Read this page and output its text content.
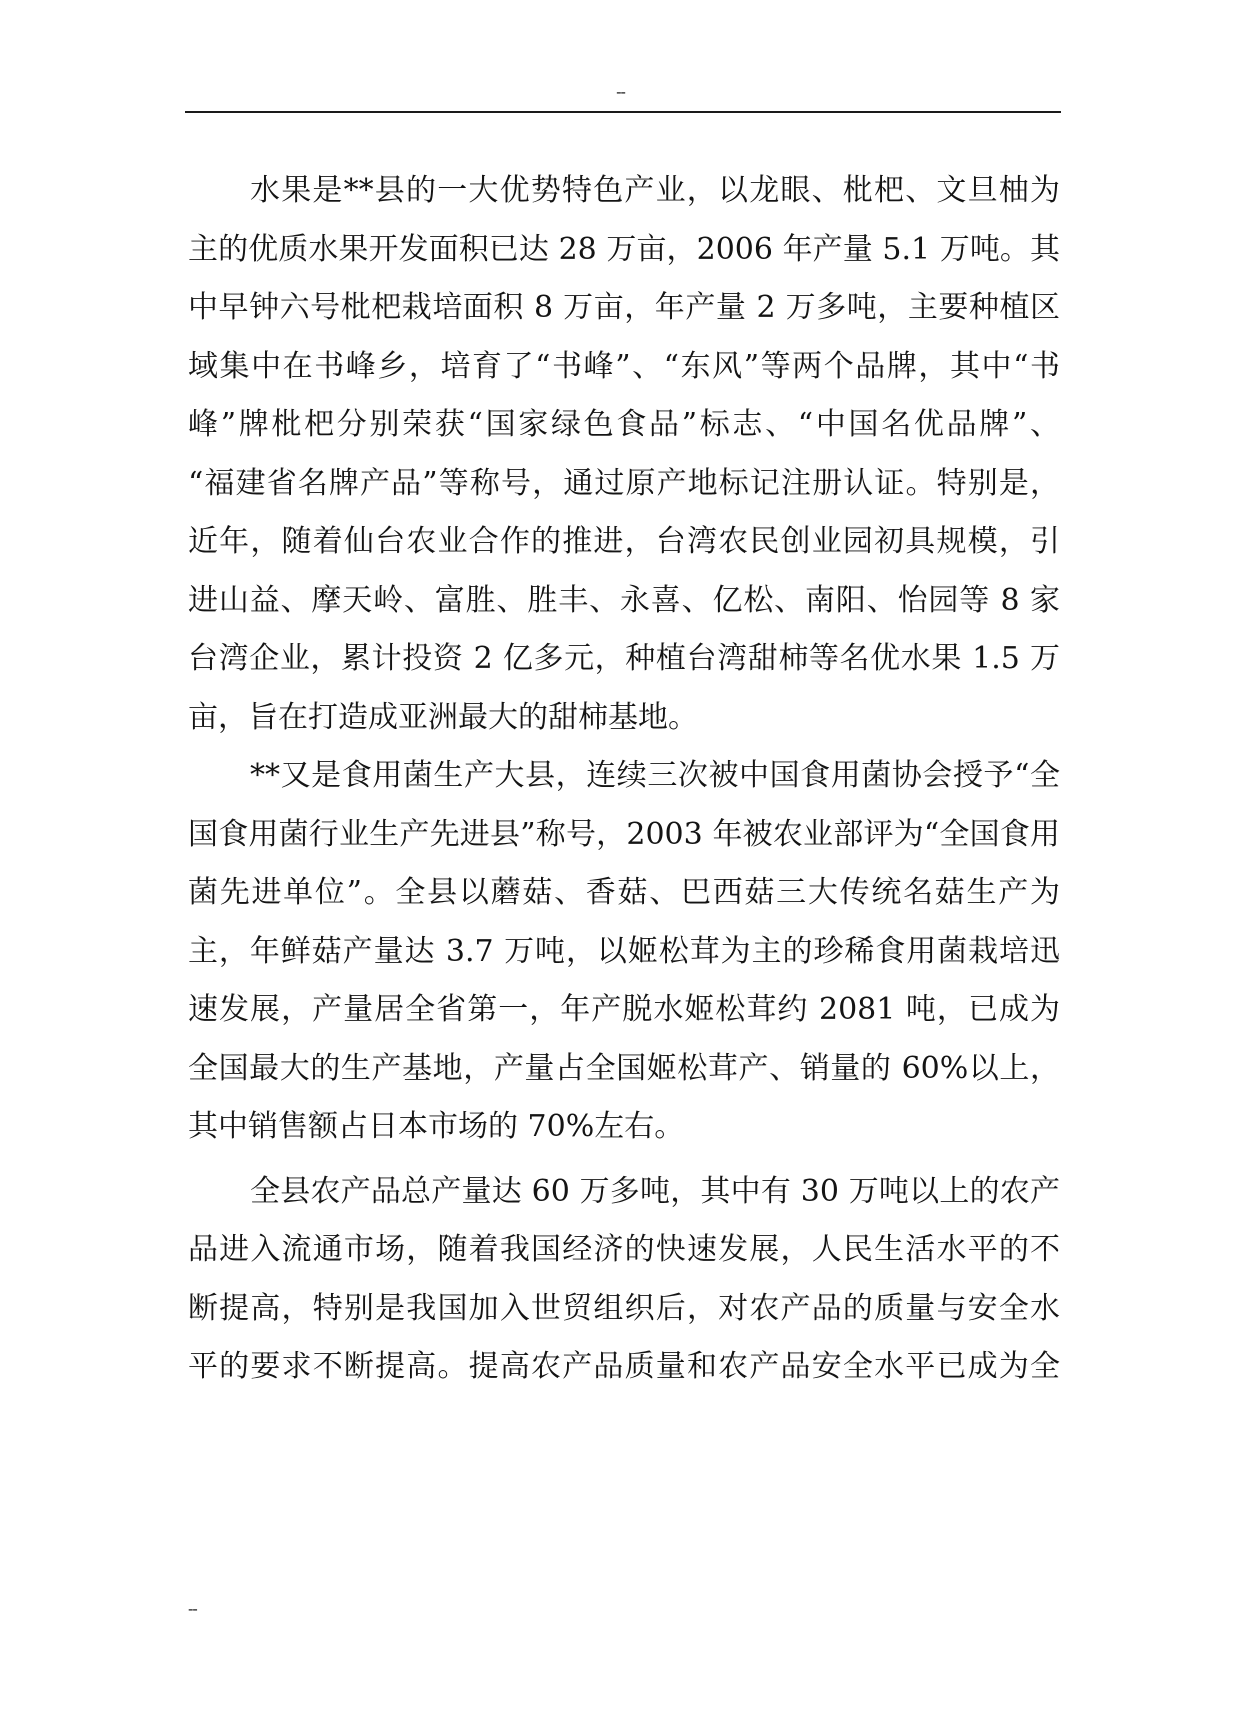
--
水果是**县的一大优势特色产业，以龙眼、枇杷、文旦柚为
主的优质水果开发面积已达 28 万亩，2006 年产量 5.1 万吨。其
中早钟六号枇杷栽培面积 8 万亩，年产量 2 万多吨，主要种植区
域集中在书峰乡，培育了“书峰”、“东风”等两个品牌，其中“书
峰”牌枇杷分别荣获“国家绿色食品”标志、“中国名优品牌”、
“福建省名牌产品”等称号，通过原产地标记注册认证。特别是，
近年，随着仙台农业合作的推进，台湾农民创业园初具规模，引
进山益、摩天岭、富胜、胜丰、永喜、亿松、南阳、怡园等 8 家
台湾企业，累计投资 2 亿多元，种植台湾甜柿等名优水果 1.5 万
亩，旨在打造成亚洲最大的甜柿基地。
**又是食用菌生产大县，连续三次被中国食用菌协会授予“全
国食用菌行业生产先进县”称号，2003 年被农业部评为“全国食用
菌先进单位”。全县以蘑菇、香菇、巴西菇三大传统名菇生产为
主，年鲜菇产量达 3.7 万吨，以姬松茸为主的珍稀食用菌栽培迅
速发展，产量居全省第一，年产脱水姬松茸约 2081 吨，已成为
全国最大的生产基地，产量占全国姬松茸产、销量的 60%以上，
其中销售额占日本市场的 70%左右。
全县农产品总产量达 60 万多吨，其中有 30 万吨以上的农产
品进入流通市场，随着我国经济的快速发展，人民生活水平的不
断提高，特别是我国加入世贸组织后，对农产品的质量与安全水
平的要求不断提高。提高农产品质量和农产品安全水平已成为全
--
